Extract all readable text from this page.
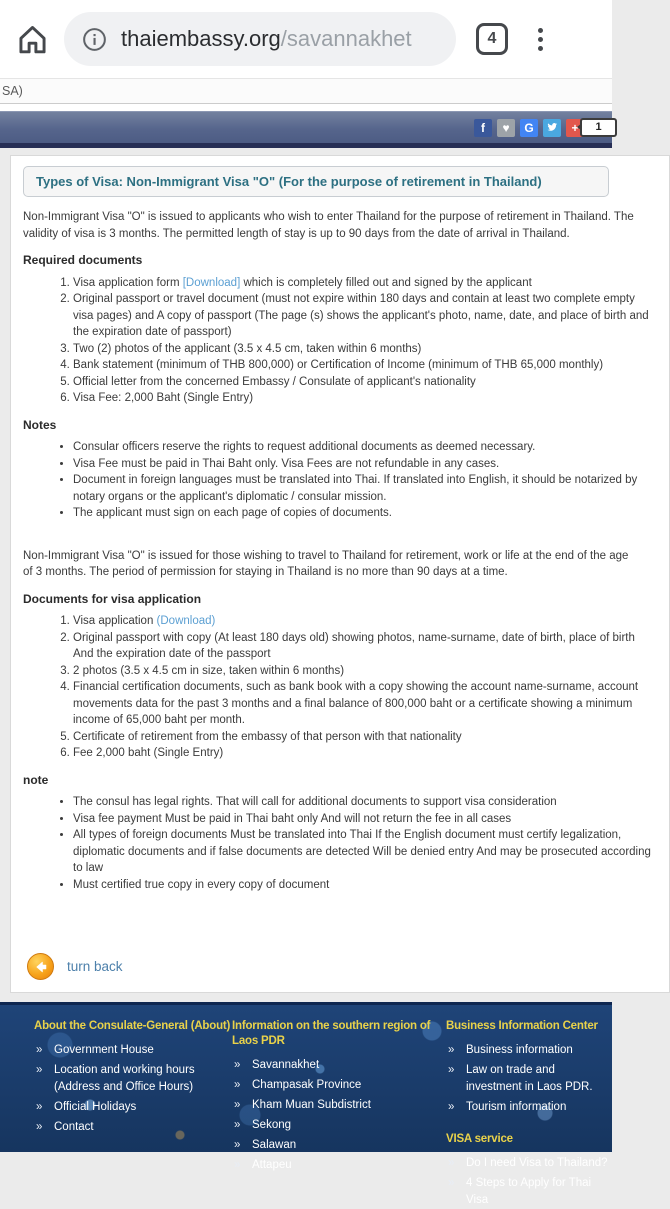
thaiembassy.org /savannakhet	4
SA)
f	♥	G	1
Types of Visa: Non-Immigrant Visa "O" (For the purpose of retirement in Thailand)

Non-Immigrant Visa "O" is issued to applicants who wish to enter Thailand for the purpose of retirement in Thailand. The validity of visa is 3 months. The permitted length of stay is up to 90 days from the date of arrival in Thailand.

Required documents
1. Visa application form [Download] which is completely filled out and signed by the applicant
2. Original passport or travel document (must not expire within 180 days and contain at least two complete empty visa pages) and A copy of passport (The page (s) shows the applicant's photo, name, date, and place of birth and the expiration date of passport)
3. Two (2) photos of the applicant (3.5 x 4.5 cm, taken within 6 months)
4. Bank statement (minimum of THB 800,000) or Certification of Income (minimum of THB 65,000 monthly)
5. Official letter from the concerned Embassy / Consulate of applicant's nationality
6. Visa Fee: 2,000 Baht (Single Entry)
Notes
• Consular officers reserve the rights to request additional documents as deemed necessary.
• Visa Fee must be paid in Thai Baht only. Visa Fees are not refundable in any cases.
• Document in foreign languages must be translated into Thai. If translated into English, it should be notarized by notary organs or the applicant's diplomatic / consular mission.
• The applicant must sign on each page of copies of documents.

Non-Immigrant Visa "O" is issued for those wishing to travel to Thailand for retirement, work or life at the end of the age of 3 months. The period of permission for staying in Thailand is no more than 90 days at a time.

Documents for visa application
1. Visa application (Download)
2. Original passport with copy (At least 180 days old) showing photos, name-surname, date of birth, place of birth And the expiration date of the passport
3. 2 photos (3.5 x 4.5 cm in size, taken within 6 months)
4. Financial certification documents, such as bank book with a copy showing the account name-surname, account movements data for the past 3 months and a final balance of 800,000 baht or a certificate showing a minimum income of 65,000 baht per month.
5. Certificate of retirement from the embassy of that person with that nationality
6. Fee 2,000 baht (Single Entry)
note
• The consul has legal rights. That will call for additional documents to support visa consideration
• Visa fee payment Must be paid in Thai baht only And will not return the fee in all cases
• All types of foreign documents Must be translated into Thai If the English document must certify legalization, diplomatic documents and if false documents are detected Will be denied entry And may be prosecuted according to law
• Must certified true copy in every copy of document
turn back
About the Consulate-General (About)
» Government House
» Location and working hours (Address and Office Hours)
» Official Holidays
» Contact
Information on the southern region of Laos PDR
» Savannakhet
» Champasak Province
» Kham Muan Subdistrict
» Sekong
» Salawan
» Attapeu
Business Information Center
» Business information
» Law on trade and investment in Laos PDR.
» Tourism information
VISA service
» Do I need Visa to Thailand?
» 4 Steps to Apply for Thai Visa
